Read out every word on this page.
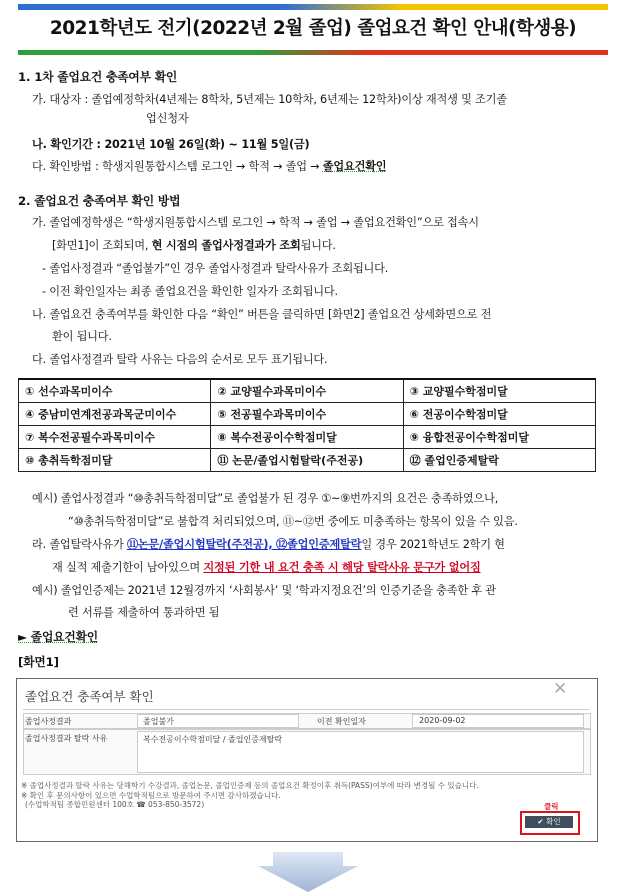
2021학년도 전기(2022년 2월 졸업) 졸업요건 확인 안내(학생용)
1. 1차 졸업요건 충족여부 확인
가. 대상자 : 졸업예정학차(4년제는 8학차, 5년제는 10학차, 6년제는 12학차)이상 재적생 및 조기졸
업신청자
나. 확인기간 : 2021년 10월 26일(화) ~ 11월 5일(금)
다. 확인방법 : 학생지원통합시스템 로그인 → 학적 → 졸업 → 졸업요건확인
2. 졸업요건 충족여부 확인 방법
가. 졸업예정학생은 “학생지원통합시스템 로그인 → 학적 → 졸업 → 졸업요건확인”으로 접속시
[화면1]이 조회되며, 현 시점의 졸업사정결과가 조회됩니다.
- 졸업사정결과 “졸업불가”인 경우 졸업사정결과 탈락사유가 조회됩니다.
- 이전 확인일자는 최종 졸업요건을 확인한 일자가 조회됩니다.
나. 졸업요건 충족여부를 확인한 다음 “확인” 버튼을 클릭하면 [화면2] 졸업요건 상세화면으로 전
환이 됩니다.
다. 졸업사정결과 탈락 사유는 다음의 순서로 모두 표기됩니다.
① 선수과목미이수	② 교양필수과목미이수	③ 교양필수학점미달
④ 중남미연계전공과목군미이수	⑤ 전공필수과목미이수	⑥ 전공이수학점미달
⑦ 복수전공필수과목미이수	⑧ 복수전공이수학점미달	⑨ 융합전공이수학점미달
⑩ 총취득학점미달	⑪ 논문/졸업시험탈락(주전공)	⑫ 졸업인증제탈락
예시) 졸업사정결과 “⑩총취득학점미달”로 졸업불가 된 경우 ①~⑨번까지의 요건은 충족하였으나,
“⑩총취득학점미달”로 불합격 처리되었으며, ⑪~⑫번 중에도 미충족하는 항목이 있을 수 있음.
라. 졸업탈락사유가 ⑪논문/졸업시험탈락(주전공), ⑫졸업인증제탈락일 경우 2021학년도 2학기 현
재 실적 제출기한이 남아있으며 지정된 기한 내 요건 충족 시 해당 탈락사유 문구가 없어짐
예시) 졸업인증제는 2021년 12월경까지 ‘사회봉사’ 및 ‘학과지정요건’의 인증기준을 충족한 후 관
련 서류를 제출하여 통과하면 됨
► 졸업요건확인
[화면1]
졸업요건 충족여부 확인	✕
졸업사정결과	졸업불가	이전 확인일자	2020-09-02
졸업사정결과 탈락 사유	복수전공이수학점미달 / 졸업인증제탈락
※ 졸업사정결과 탈락 사유는 당해학기 수강결과, 졸업논문, 졸업인증제 등의 졸업요건 확정이후 취득(PASS)여부에 따라 변경될 수 있습니다.
※ 확인 후 문의사항이 있으면 수업학적팀으로 방문하여 주시면 감사하겠습니다.
(수업학적팀 종합민원센터 100호 ☎ 053-850-3572)	클릭
✔ 확인
